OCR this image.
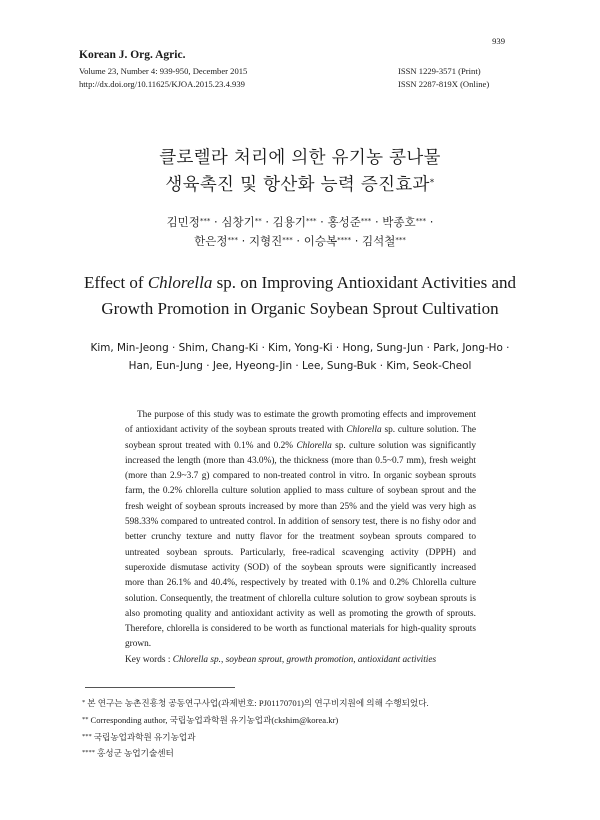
Korean J. Org. Agric.
Volume 23, Number 4: 939-950, December 2015
http://dx.doi.org/10.11625/KJOA.2015.23.4.939
939
ISSN 1229-3571 (Print)
ISSN 2287-819X (Online)
클로렐라 처리에 의한 유기농 콩나물
생육촉진 및 항산화 능력 증진효과*
김민정*** · 심창기** · 김용기*** · 홍성준*** · 박종호*** ·
한은정*** · 지형진*** · 이승복**** · 김석철***
Effect of Chlorella sp. on Improving Antioxidant Activities and
Growth Promotion in Organic Soybean Sprout Cultivation
Kim, Min-Jeong · Shim, Chang-Ki · Kim, Yong-Ki · Hong, Sung-Jun · Park, Jong-Ho ·
Han, Eun-Jung · Jee, Hyeong-Jin · Lee, Sung-Buk · Kim, Seok-Cheol
The purpose of this study was to estimate the growth promoting effects and improvement of antioxidant activity of the soybean sprouts treated with Chlorella sp. culture solution. The soybean sprout treated with 0.1% and 0.2% Chlorella sp. culture solution was significantly increased the length (more than 43.0%), the thickness (more than 0.5~0.7 mm), fresh weight (more than 2.9~3.7 g) compared to non-treated control in vitro. In organic soybean sprouts farm, the 0.2% chlorella culture solution applied to mass culture of soybean sprout and the fresh weight of soybean sprouts increased by more than 25% and the yield was very high as 598.33% compared to untreated control. In addition of sensory test, there is no fishy odor and better crunchy texture and nutty flavor for the treatment soybean sprouts compared to untreated soybean sprouts. Particularly, free-radical scavenging activity (DPPH) and superoxide dismutase activity (SOD) of the soybean sprouts were significantly increased more than 26.1% and 40.4%, respectively by treated with 0.1% and 0.2% Chlorella culture solution. Consequently, the treatment of chlorella culture solution to grow soybean sprouts is also promoting quality and antioxidant activity as well as promoting the growth of sprouts. Therefore, chlorella is considered to be worth as functional materials for high-quality sprouts grown.
Key words : Chlorella sp., soybean sprout, growth promotion, antioxidant activities
* 본 연구는 농촌진흥청 공동연구사업(과제번호: PJ01170701)의 연구비지원에 의해 수행되었다.
** Corresponding author, 국립농업과학원 유기농업과(ckshim@korea.kr)
*** 국립농업과학원 유기농업과
**** 홍성군 농업기술센터
